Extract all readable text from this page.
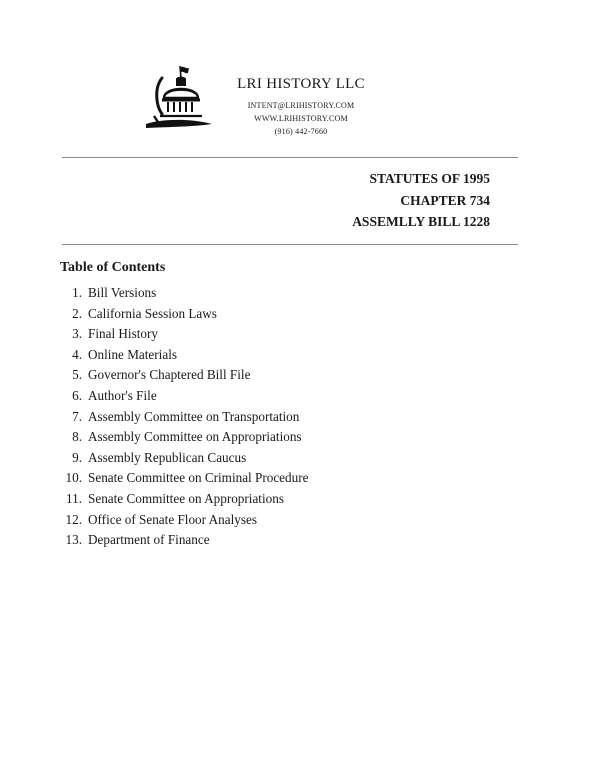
LRI HISTORY LLC
INTENT@LRIHISTORY.COM
WWW.LRIHISTORY.COM
(916) 442-7660
STATUTES OF 1995
CHAPTER 734
ASSEMLLY BILL 1228
Table of Contents
1. Bill Versions
2. California Session Laws
3. Final History
4. Online Materials
5. Governor's Chaptered Bill File
6. Author's File
7. Assembly Committee on Transportation
8. Assembly Committee on Appropriations
9. Assembly Republican Caucus
10. Senate Committee on Criminal Procedure
11. Senate Committee on Appropriations
12. Office of Senate Floor Analyses
13. Department of Finance
